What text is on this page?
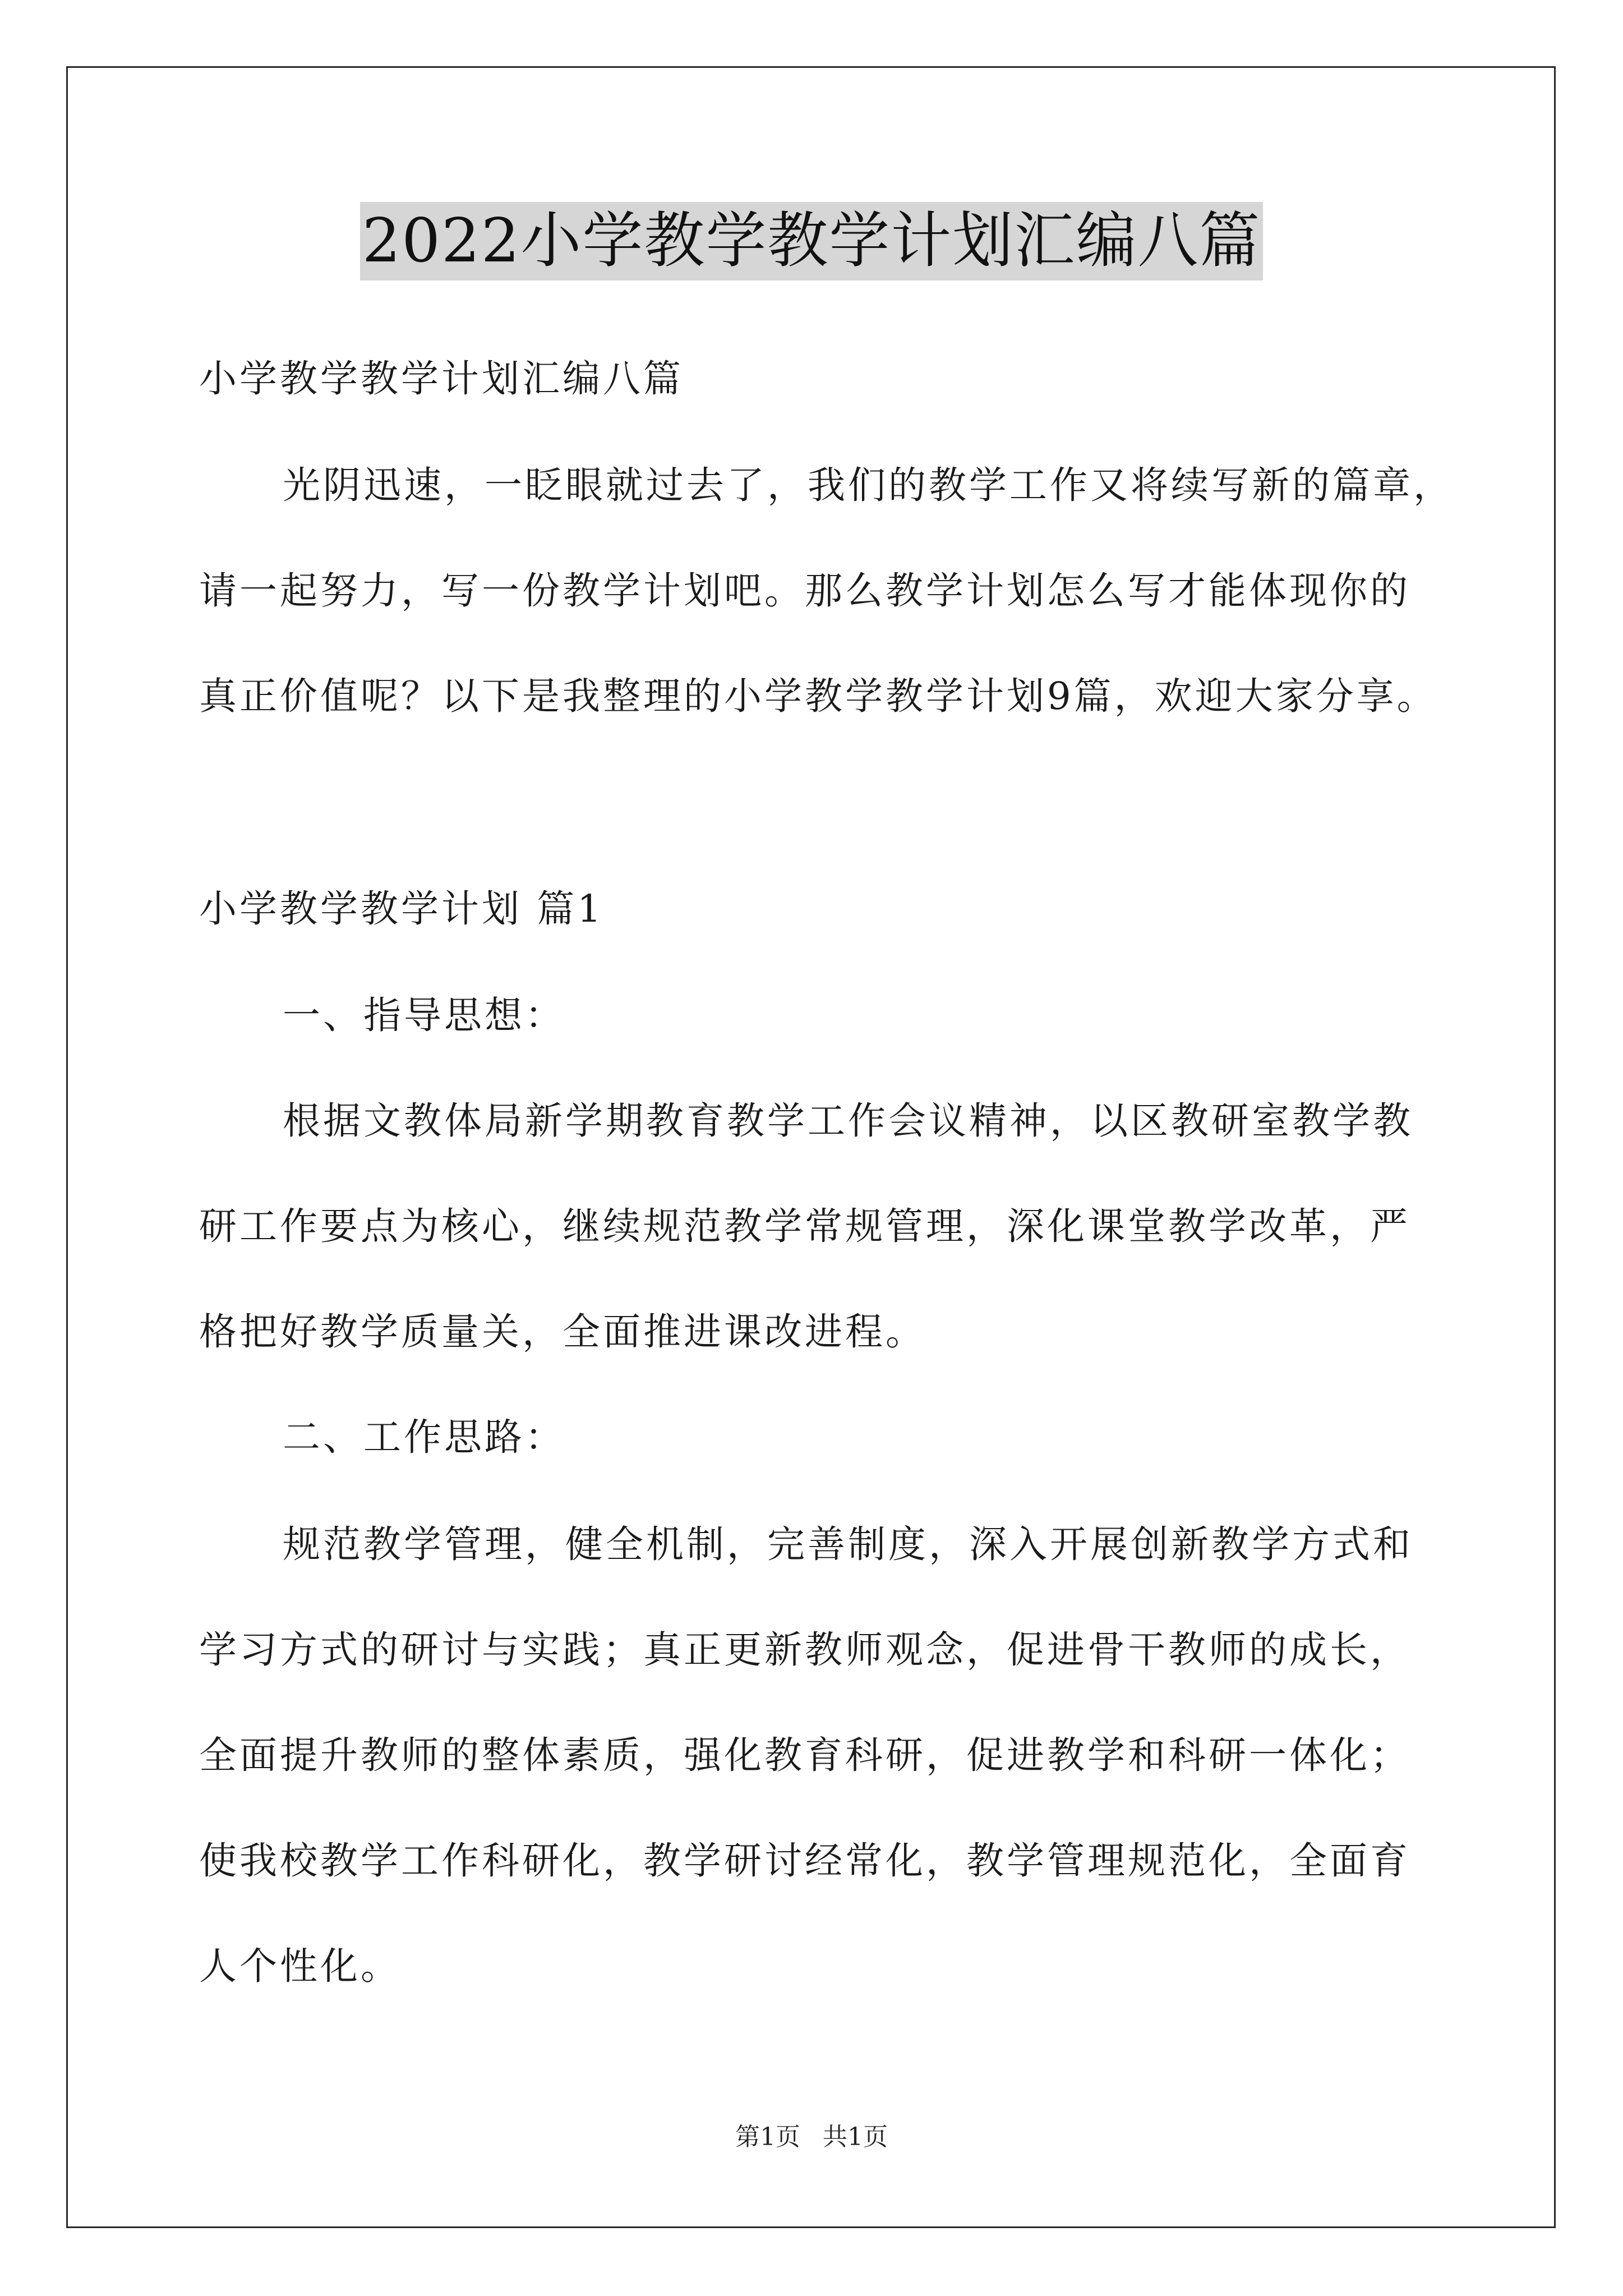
2022小学教学教学计划汇编八篇
小学教学教学计划汇编八篇
光阴迅速，一眨眼就过去了，我们的教学工作又将续写新的篇章，
请一起努力，写一份教学计划吧。那么教学计划怎么写才能体现你的
真正价值呢？以下是我整理的小学教学教学计划9篇，欢迎大家分享。
小学教学教学计划 篇1
一、指导思想：
根据文教体局新学期教育教学工作会议精神，以区教研室教学教
研工作要点为核心，继续规范教学常规管理，深化课堂教学改革，严
格把好教学质量关，全面推进课改进程。
二、工作思路：
规范教学管理，健全机制，完善制度，深入开展创新教学方式和
学习方式的研讨与实践；真正更新教师观念，促进骨干教师的成长，
全面提升教师的整体素质，强化教育科研，促进教学和科研一体化；
使我校教学工作科研化，教学研讨经常化，教学管理规范化，全面育
人个性化。
第1页 共1页
